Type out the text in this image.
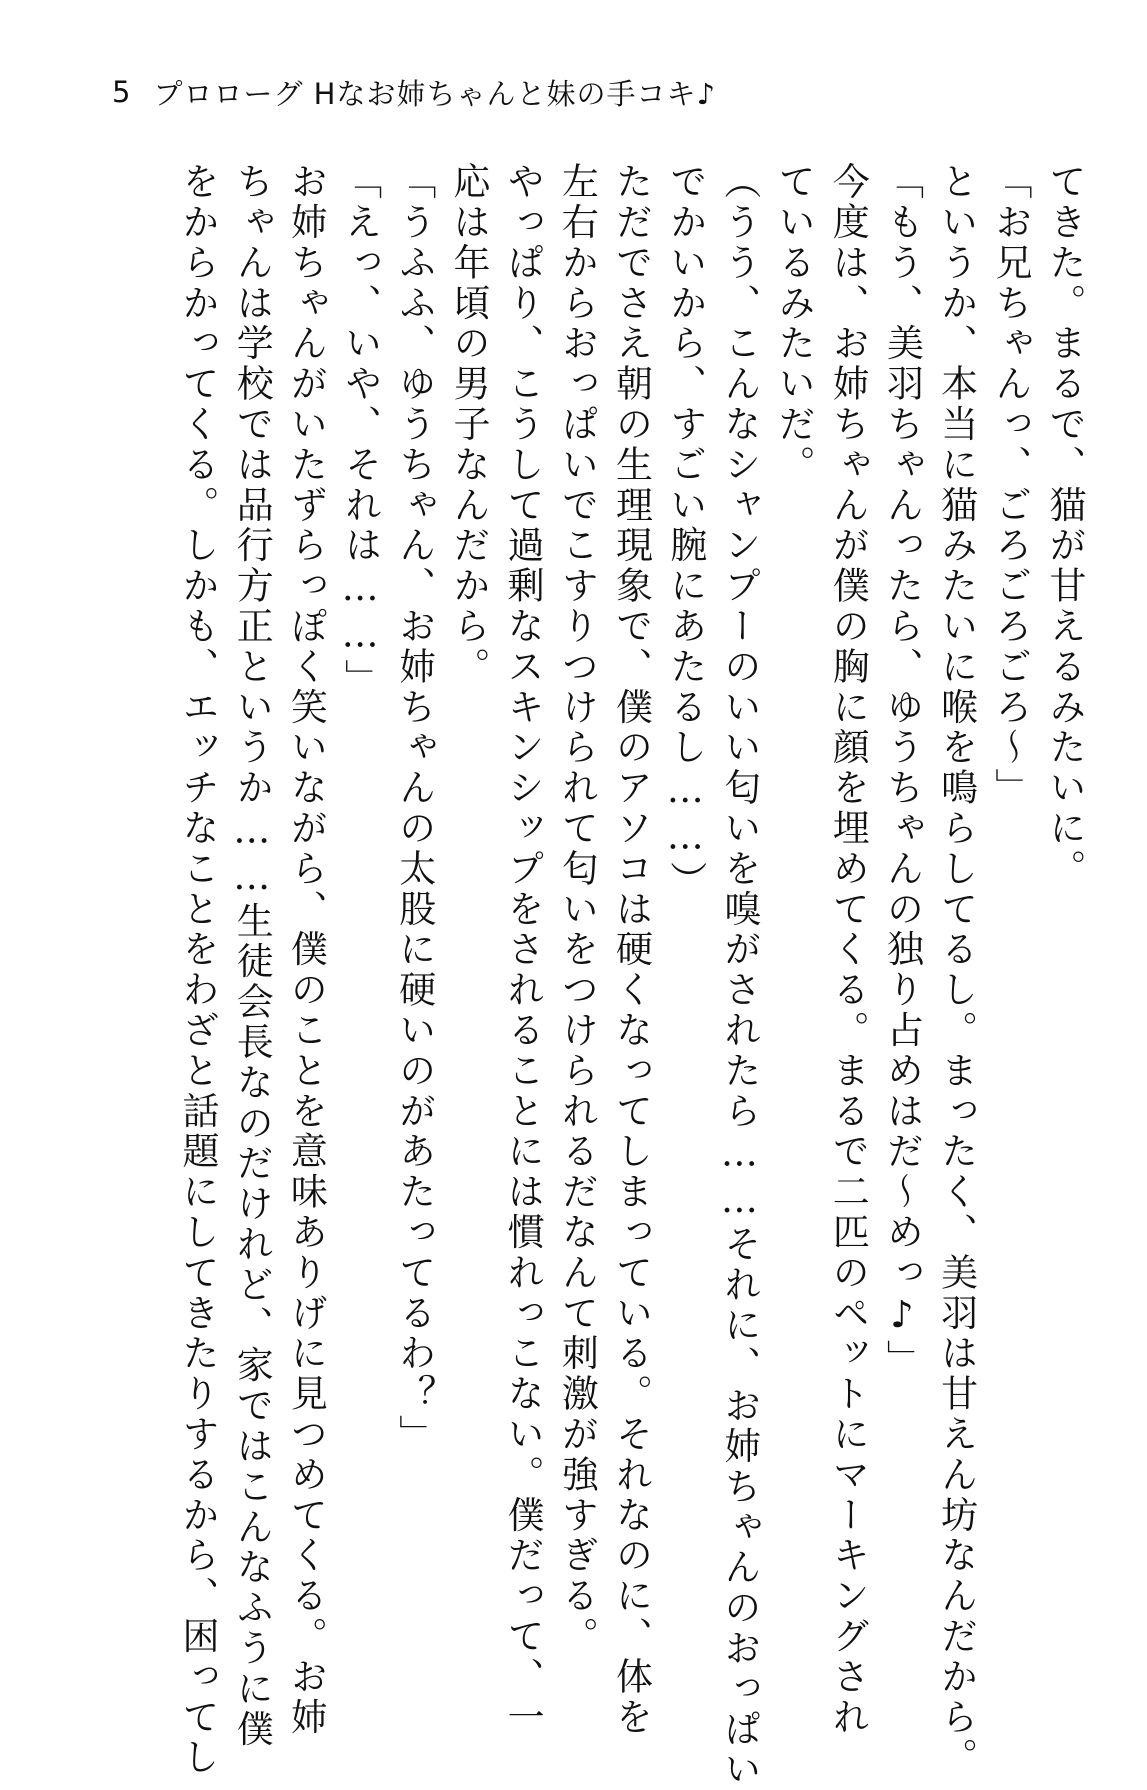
5 プロローグ Hなお姉ちゃんと妹の手コキ♪
てきた。まるで、猫が甘えるみたいに。
「お兄ちゃんっ、ごろごろごろ～」
というか、本当に猫みたいに喉を鳴らしてるし。まったく、美羽は甘えん坊なんだから。
「もう、美羽ちゃんったら、ゆうちゃんの独り占めはだ～めっ♪」
今度は、お姉ちゃんが僕の胸に顔を埋めてくる。まるで二匹のペットにマーキングされ
ているみたいだ。
（うう、こんなシャンプーのいい匂いを嗅がされたら……それに、お姉ちゃんのおっぱい
でかいから、すごい腕にあたるし……）
ただでさえ朝の生理現象で、僕のアソコは硬くなってしまっている。それなのに、体を
左右からおっぱいでこすりつけられて匂いをつけられるだなんて刺激が強すぎる。
やっぱり、こうして過剰なスキンシップをされることには慣れっこない。僕だって、一
応は年頃の男子なんだから。
「うふふ、ゆうちゃん、お姉ちゃんの太股に硬いのがあたってるわ？」
「えっ、いや、それは……」
お姉ちゃんがいたずらっぽく笑いながら、僕のことを意味ありげに見つめてくる。お姉
ちゃんは学校では品行方正というか……生徒会長なのだけれど、家ではこんなふうに僕
をからかってくる。しかも、エッチなことをわざと話題にしてきたりするから、困ってし
